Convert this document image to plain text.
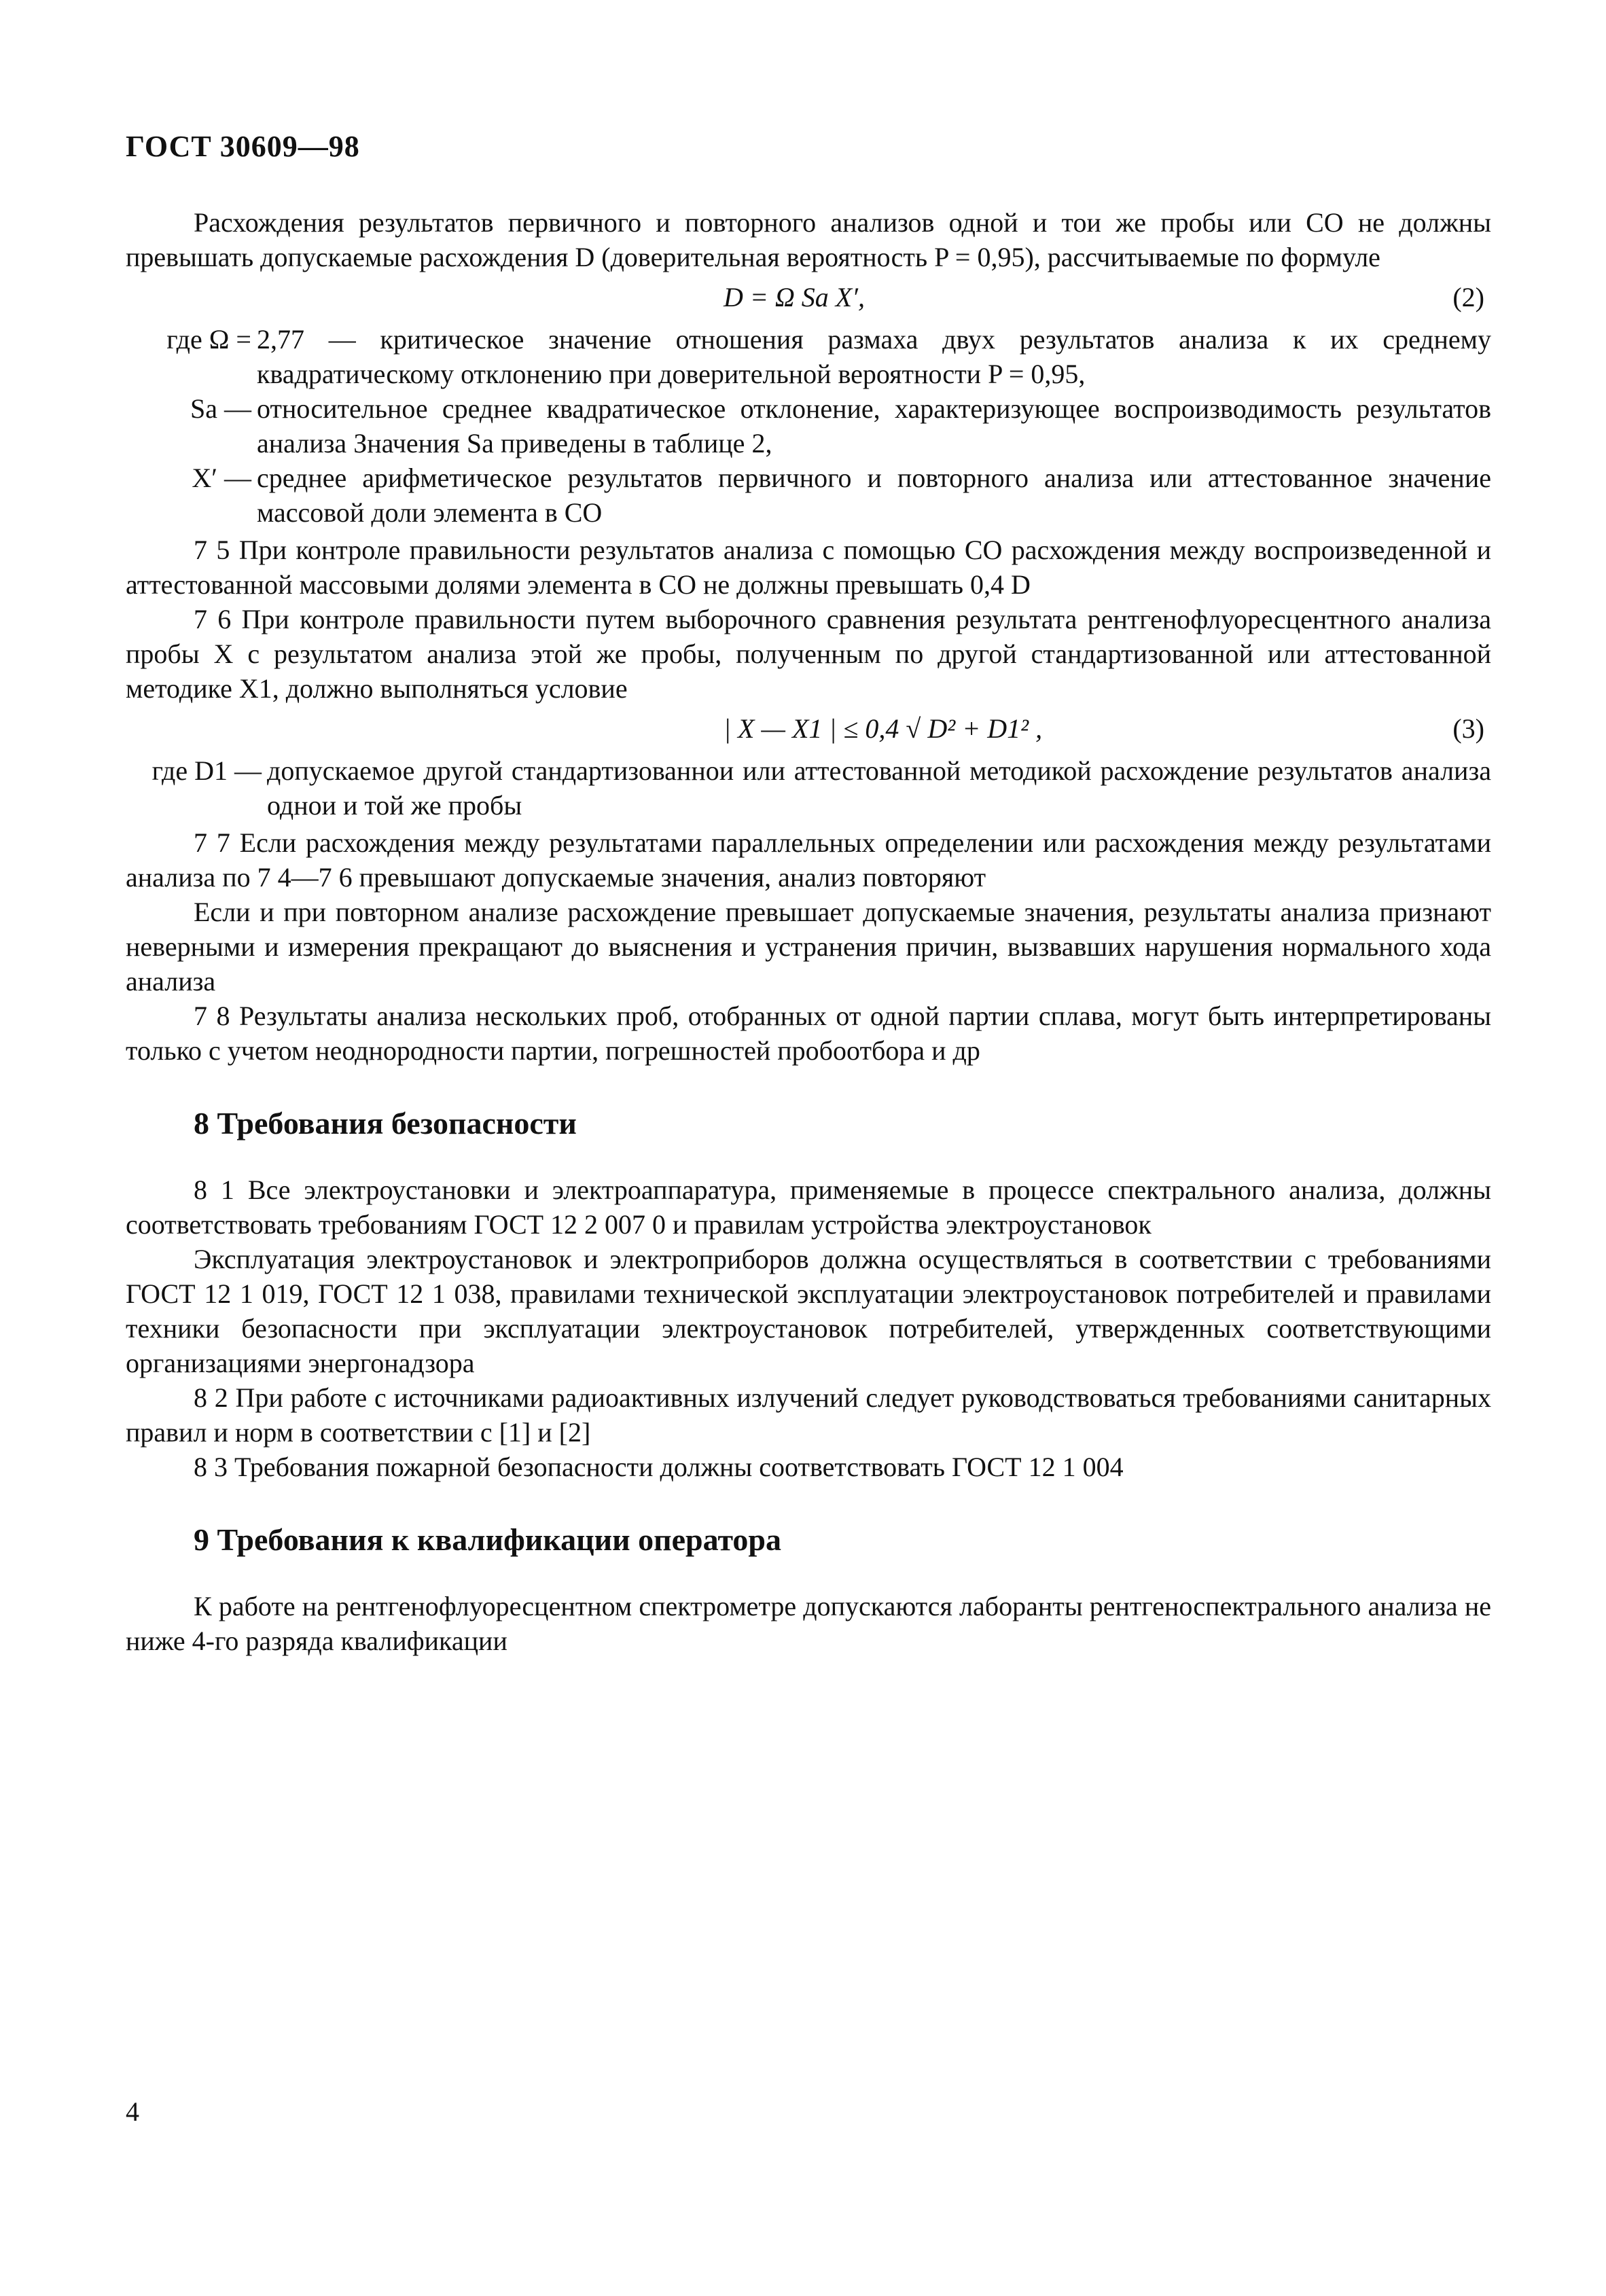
ГОСТ 30609—98

Расхождения результатов первичного и повторного анализов одной и тои же пробы или СО не должны превышать допускаемые расхождения D (доверительная вероятность P = 0,95), рассчитываемые по формуле

D = Ω Sa X′,	(2)
где Ω = 2,77 — критическое значение отношения размаха двух результатов анализа к их среднему квадратическому отклонению при доверительной вероятности P = 0,95,
Sa — относительное среднее квадратическое отклонение, характеризующее воспроизводимость результатов анализа Значения Sa приведены в таблице 2,
X′ — среднее арифметическое результатов первичного и повторного анализа или аттестованное значение массовой доли элемента в СО

7 5 При контроле правильности результатов анализа с помощью СО расхождения между воспроизведенной и аттестованной массовыми долями элемента в СО не должны превышать 0,4 D

7 6 При контроле правильности путем выборочного сравнения результата рентгенофлуоресцентного анализа пробы X с результатом анализа этой же пробы, полученным по другой стандартизованной или аттестованной методике X1, должно выполняться условие

| X — X1 | ≤ 0,4 √ D² + D1² ,	(3)
где D1 — допускаемое другой стандартизованнои или аттестованной методикой расхождение результатов анализа однои и той же пробы

7 7 Если расхождения между результатами параллельных определении или расхождения между результатами анализа по 7 4—7 6 превышают допускаемые значения, анализ повторяют

Если и при повторном анализе расхождение превышает допускаемые значения, результаты анализа признают неверными и измерения прекращают до выяснения и устранения причин, вызвавших нарушения нормального хода анализа

7 8 Результаты анализа нескольких проб, отобранных от одной партии сплава, могут быть интерпретированы только с учетом неоднородности партии, погрешностей пробоотбора и др

8 Требования безопасности

8 1 Все электроустановки и электроаппаратура, применяемые в процессе спектрального анализа, должны соответствовать требованиям ГОСТ 12 2 007 0 и правилам устройства электроустановок

Эксплуатация электроустановок и электроприборов должна осуществляться в соответствии с требованиями ГОСТ 12 1 019, ГОСТ 12 1 038, правилами технической эксплуатации электроустановок потребителей и правилами техники безопасности при эксплуатации электроустановок потребителей, утвержденных соответствующими организациями энергонадзора

8 2 При работе с источниками радиоактивных излучений следует руководствоваться требованиями санитарных правил и норм в соответствии с [1] и [2]

8 3 Требования пожарной безопасности должны соответствовать ГОСТ 12 1 004

9 Требования к квалификации оператора

К работе на рентгенофлуоресцентном спектрометре допускаются лаборанты рентгеноспектрального анализа не ниже 4-го разряда квалификации

4
